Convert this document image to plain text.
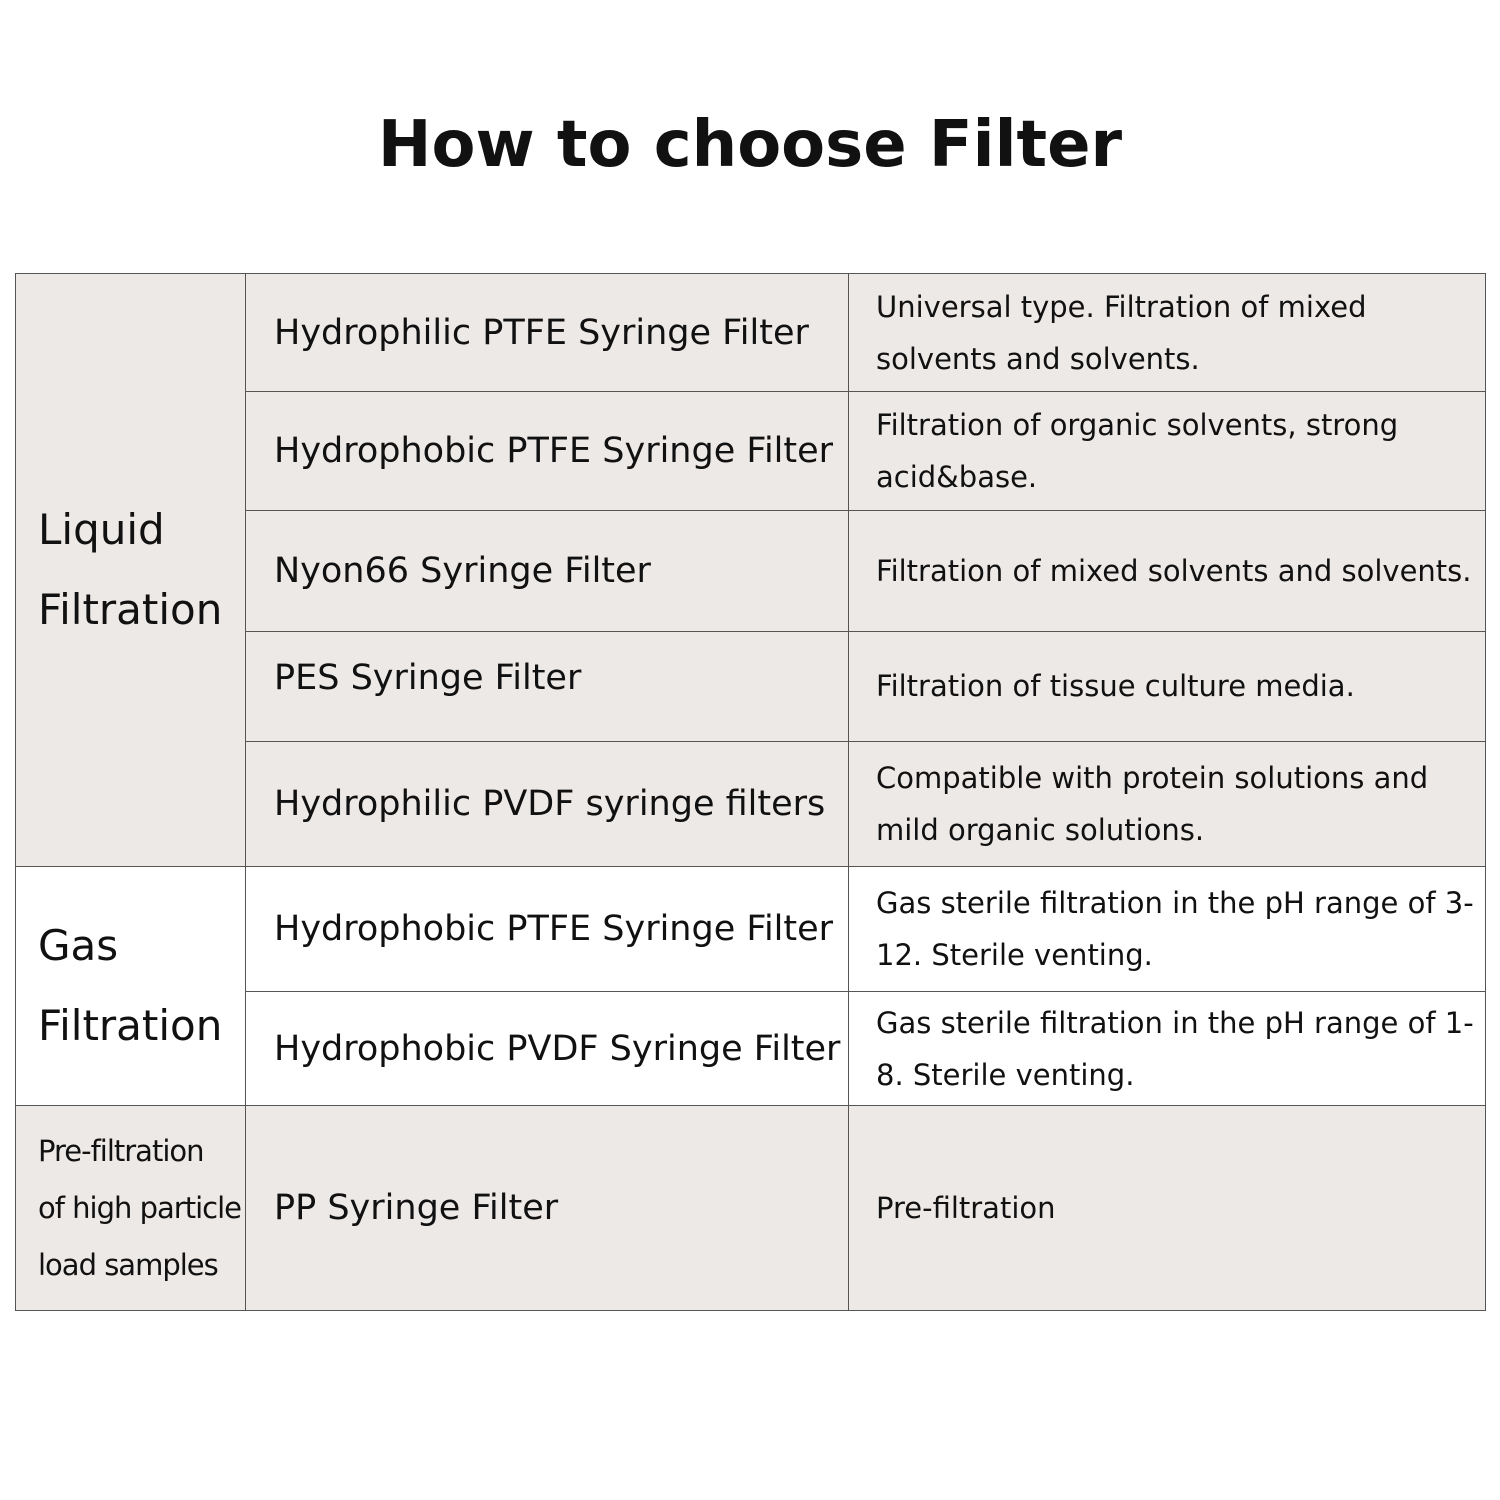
How to choose Filter
Liquid
Filtration	Hydrophilic PTFE Syringe Filter	Universal type. Filtration of mixed solvents and solvents.
	Hydrophobic PTFE Syringe Filter	Filtration of organic solvents, strong acid&base.
	Nyon66 Syringe Filter	Filtration of mixed solvents and solvents.
	PES Syringe Filter	Filtration of tissue culture media.
	Hydrophilic PVDF syringe filters	Compatible with protein solutions and mild organic solutions.

Gas
Filtration	Hydrophobic PTFE Syringe Filter	Gas sterile filtration in the pH range of 3-12. Sterile venting.
	Hydrophobic PVDF Syringe Filter	Gas sterile filtration in the pH range of 1-8. Sterile venting.

Pre-filtration
of high particle
load samples	PP Syringe Filter	Pre-filtration
